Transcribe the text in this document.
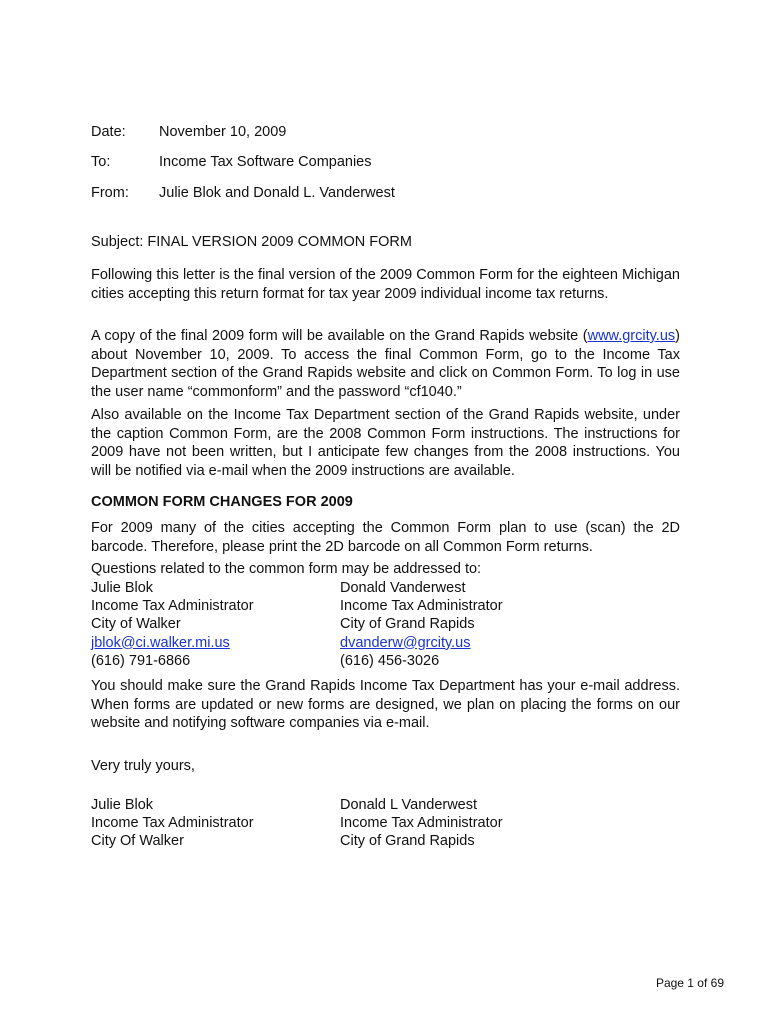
Date:	November 10, 2009
To:	Income Tax Software Companies
From:	Julie Blok and Donald L. Vanderwest
Subject: FINAL VERSION 2009 COMMON FORM
Following this letter is the final version of the 2009 Common Form for the eighteen Michigan cities accepting this return format for tax year 2009 individual income tax returns.
A copy of the final 2009 form will be available on the Grand Rapids website (www.grcity.us) about November 10, 2009. To access the final Common Form, go to the Income Tax Department section of the Grand Rapids website and click on Common Form. To log in use the user name “commonform” and the password “cf1040.”
Also available on the Income Tax Department section of the Grand Rapids website, under the caption Common Form, are the 2008 Common Form instructions. The instructions for 2009 have not been written, but I anticipate few changes from the 2008 instructions. You will be notified via e-mail when the 2009 instructions are available.
COMMON FORM CHANGES FOR 2009
For 2009 many of the cities accepting the Common Form plan to use (scan) the 2D barcode. Therefore, please print the 2D barcode on all Common Form returns.
Questions related to the common form may be addressed to:
Julie Blok	Donald Vanderwest
Income Tax Administrator	Income Tax Administrator
City of Walker	City of Grand Rapids
jblok@ci.walker.mi.us	dvanderw@grcity.us
(616) 791-6866	(616) 456-3026
You should make sure the Grand Rapids Income Tax Department has your e-mail address. When forms are updated or new forms are designed, we plan on placing the forms on our website and notifying software companies via e-mail.
Very truly yours,
Julie Blok	Donald L Vanderwest
Income Tax Administrator	Income Tax Administrator
City Of Walker	City of Grand Rapids
Page 1 of 69
